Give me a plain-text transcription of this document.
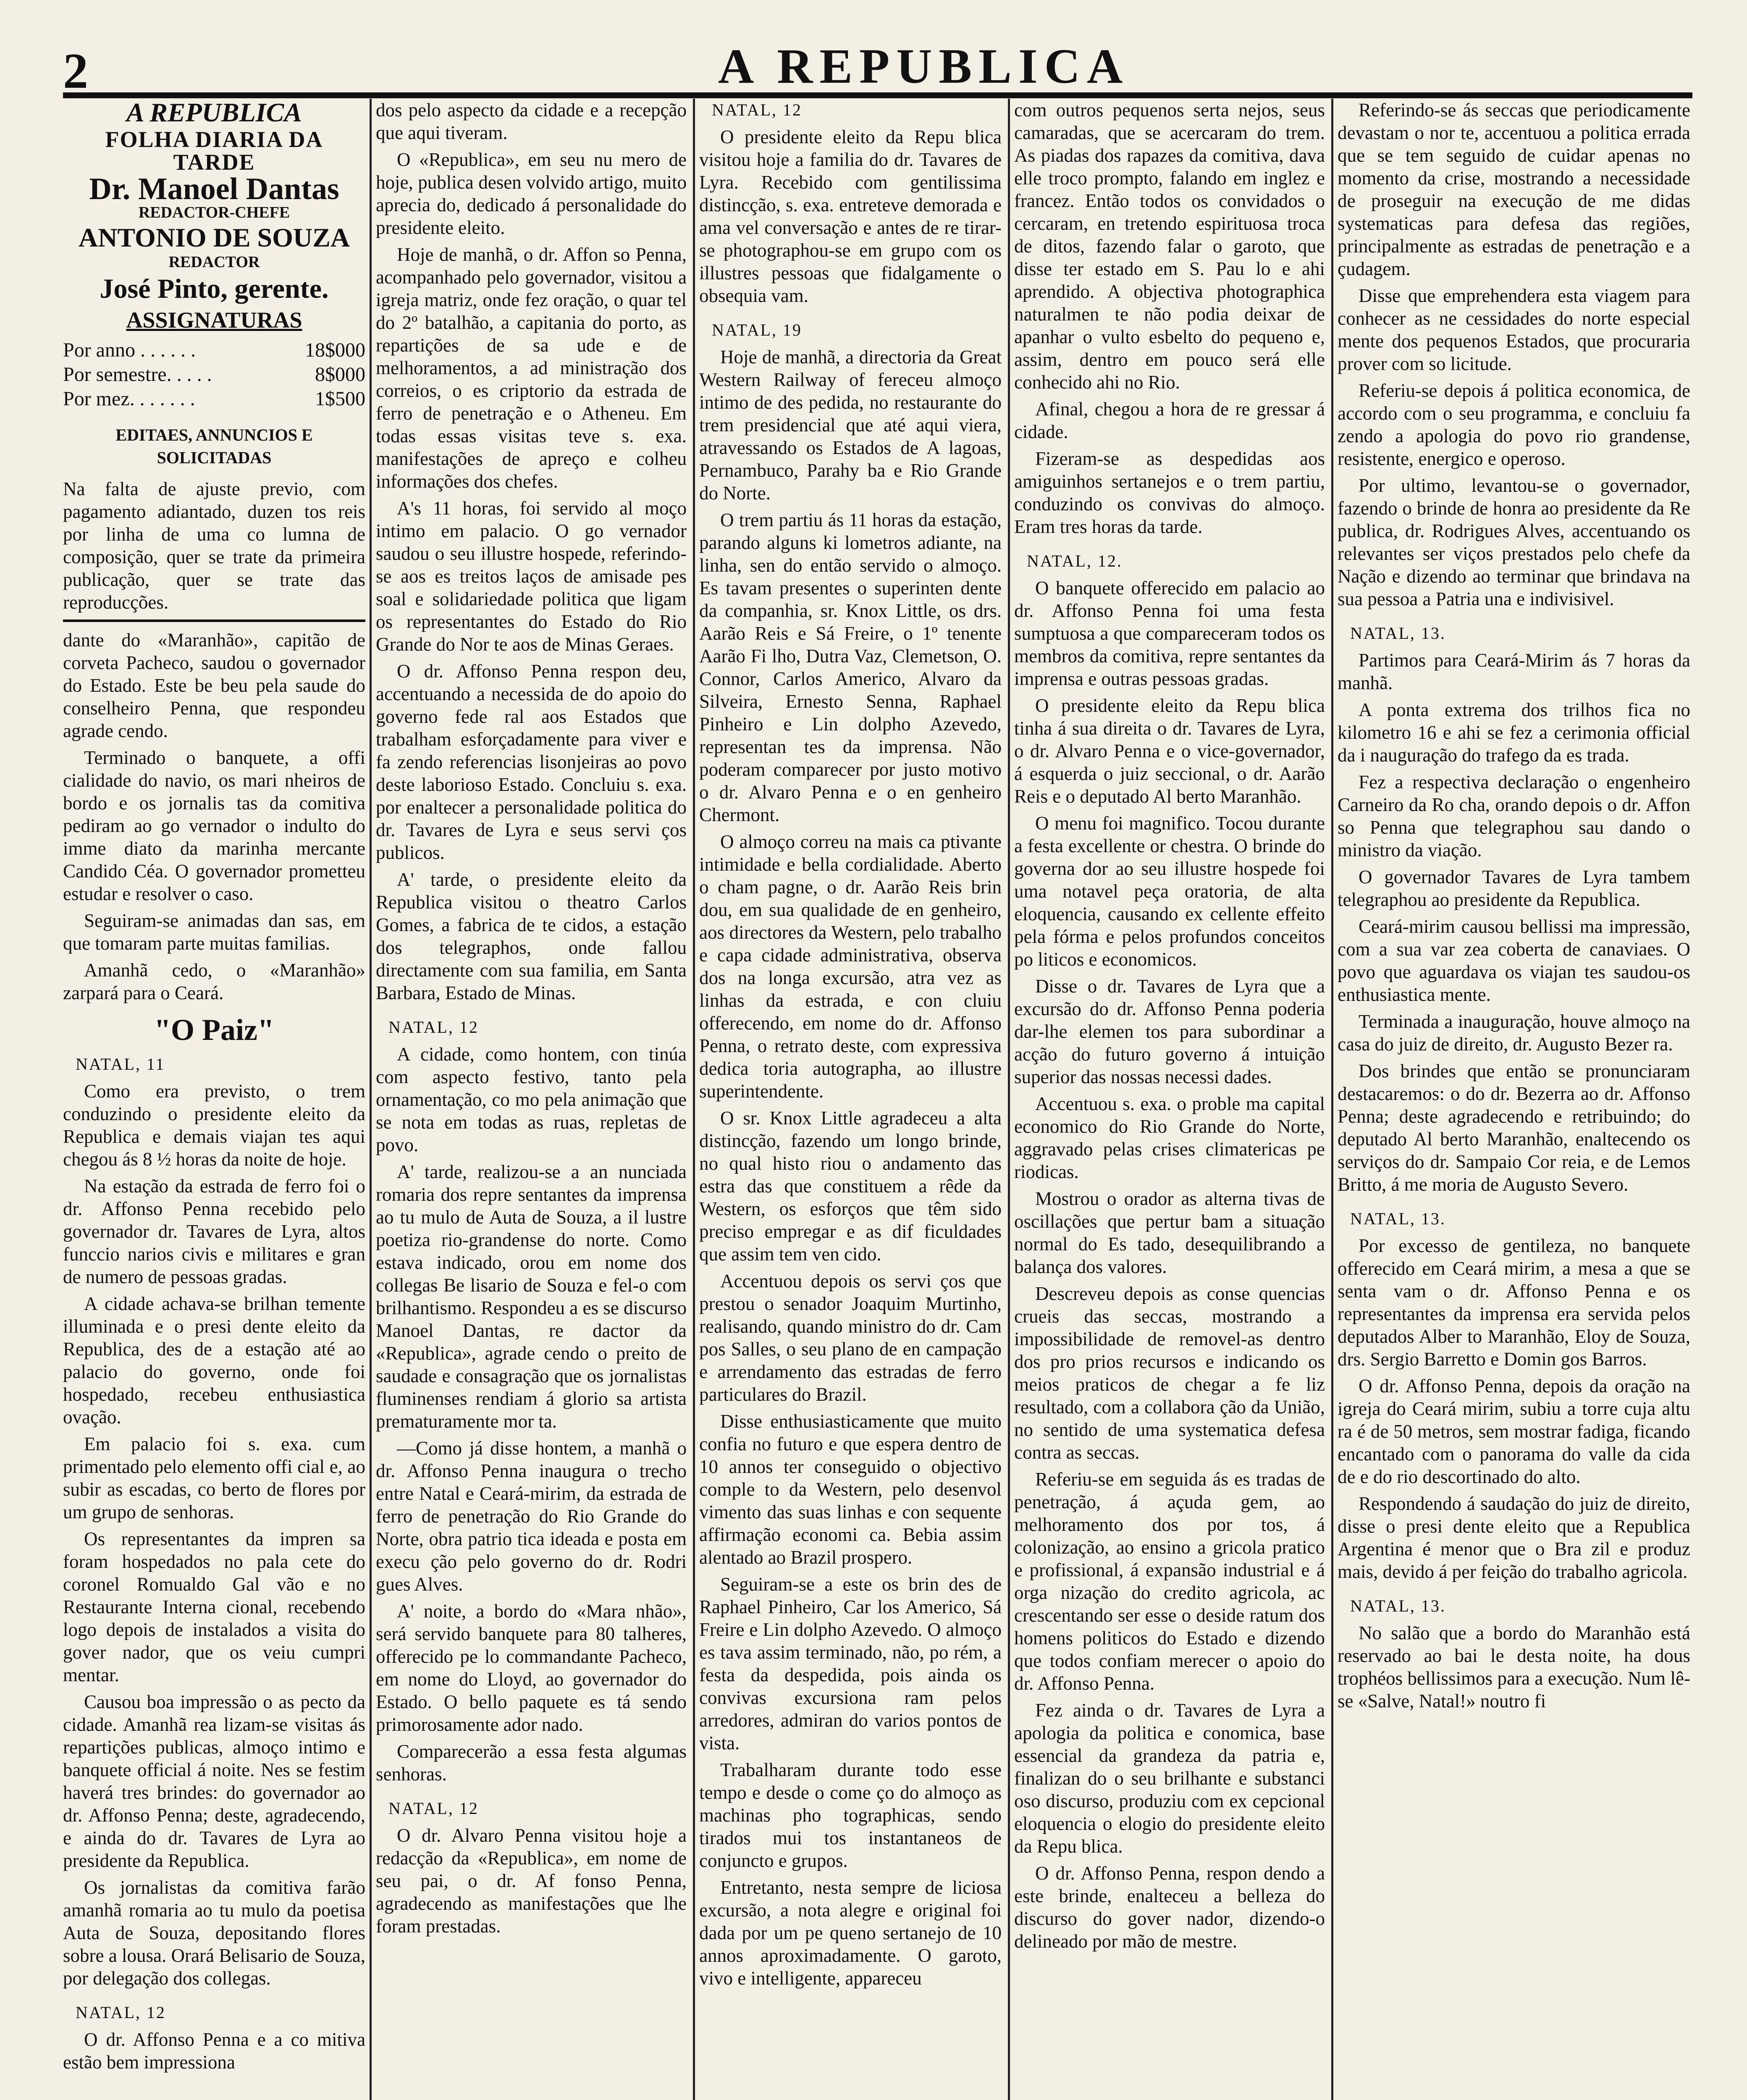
2	A REPUBLICA
A REPUBLICA
FOLHA DIARIA DA TARDE
Dr. Manoel Dantas
REDACTOR-CHEFE
ANTONIO DE SOUZA
REDACTOR
José Pinto, gerente.
ASSIGNATURAS
Por anno . . . . . .	18$000
Por semestre. . . . .	8$000
Por mez. . . . . . .	1$500
EDITAES, ANNUNCIOS E SOLICITADAS
Na falta de ajuste previo, com pagamento adiantado, duzen tos reis por linha de uma co lumna de composição, quer se trate da primeira publicação, quer se trate das reproducções.

dante do «Maranhão», capitão de corveta Pacheco, saudou o governador do Estado. Este be beu pela saude do conselheiro Penna, que respondeu agrade cendo.

Terminado o banquete, a offi cialidade do navio, os mari nheiros de bordo e os jornalis tas da comitiva pediram ao go vernador o indulto do imme diato da marinha mercante Candido Céa. O governador prometteu estudar e resolver o caso.

Seguiram-se animadas dan sas, em que tomaram parte muitas familias.

Amanhã cedo, o «Maranhão» zarpará para o Ceará.

"O Paiz"
NATAL, 11

Como era previsto, o trem conduzindo o presidente eleito da Republica e demais viajan tes aqui chegou ás 8 ½ horas da noite de hoje.

Na estação da estrada de ferro foi o dr. Affonso Penna recebido pelo governador dr. Tavares de Lyra, altos funccio narios civis e militares e gran de numero de pessoas gradas.

A cidade achava-se brilhan temente illuminada e o presi dente eleito da Republica, des de a estação até ao palacio do governo, onde foi hospedado, recebeu enthusiastica ovação.

Em palacio foi s. exa. cum primentado pelo elemento offi cial e, ao subir as escadas, co berto de flores por um grupo de senhoras.

Os representantes da impren sa foram hospedados no pala cete do coronel Romualdo Gal vão e no Restaurante Interna cional, recebendo logo depois de instalados a visita do gover nador, que os veiu cumpri mentar.

Causou boa impressão o as pecto da cidade. Amanhã rea lizam-se visitas ás repartições publicas, almoço intimo e banquete official á noite. Nes se festim haverá tres brindes: do governador ao dr. Affonso Penna; deste, agradecendo, e ainda do dr. Tavares de Lyra ao presidente da Republica.

Os jornalistas da comitiva farão amanhã romaria ao tu mulo da poetisa Auta de Souza, depositando flores sobre a lousa. Orará Belisario de Souza, por delegação dos collegas.

NATAL, 12

O dr. Affonso Penna e a co mitiva estão bem impressiona

dos pelo aspecto da cidade e a recepção que aqui tiveram.

O «Republica», em seu nu mero de hoje, publica desen volvido artigo, muito aprecia do, dedicado á personalidade do presidente eleito.

Hoje de manhã, o dr. Affon so Penna, acompanhado pelo governador, visitou a igreja matriz, onde fez oração, o quar tel do 2º batalhão, a capitania do porto, as repartições de sa ude e de melhoramentos, a ad ministração dos correios, o es criptorio da estrada de ferro de penetração e o Atheneu. Em todas essas visitas teve s. exa. manifestações de apreço e colheu informações dos chefes.

A's 11 horas, foi servido al moço intimo em palacio. O go vernador saudou o seu illustre hospede, referindo-se aos es treitos laços de amisade pes soal e solidariedade politica que ligam os representantes do Estado do Rio Grande do Nor te aos de Minas Geraes.

O dr. Affonso Penna respon deu, accentuando a necessida de do apoio do governo fede ral aos Estados que trabalham esforçadamente para viver e fa zendo referencias lisonjeiras ao povo deste laborioso Estado. Concluiu s. exa. por enaltecer a personalidade politica do dr. Tavares de Lyra e seus servi ços publicos.

A' tarde, o presidente eleito da Republica visitou o theatro Carlos Gomes, a fabrica de te cidos, a estação dos telegraphos, onde fallou directamente com sua familia, em Santa Barbara, Estado de Minas.

NATAL, 12

A cidade, como hontem, con tinúa com aspecto festivo, tanto pela ornamentação, co mo pela animação que se nota em todas as ruas, repletas de povo.

A' tarde, realizou-se a an nunciada romaria dos repre sentantes da imprensa ao tu mulo de Auta de Souza, a il lustre poetiza rio-grandense do norte. Como estava indicado, orou em nome dos collegas Be lisario de Souza e fel-o com brilhantismo. Respondeu a es se discurso Manoel Dantas, re dactor da «Republica», agrade cendo o preito de saudade e consagração que os jornalistas fluminenses rendiam á glorio sa artista prematuramente mor ta.

—Como já disse hontem, a manhã o dr. Affonso Penna inaugura o trecho entre Natal e Ceará-mirim, da estrada de ferro de penetração do Rio Grande do Norte, obra patrio tica ideada e posta em execu ção pelo governo do dr. Rodri gues Alves.

A' noite, a bordo do «Mara nhão», será servido banquete para 80 talheres, offerecido pe lo commandante Pacheco, em nome do Lloyd, ao governador do Estado. O bello paquete es tá sendo primorosamente ador nado.

Comparecerão a essa festa algumas senhoras.

NATAL, 12

O dr. Alvaro Penna visitou hoje a redacção da «Republica», em nome de seu pai, o dr. Af fonso Penna, agradecendo as manifestações que lhe foram prestadas.

NATAL, 12

O presidente eleito da Repu blica visitou hoje a familia do dr. Tavares de Lyra. Recebido com gentilissima distincção, s. exa. entreteve demorada e ama vel conversação e antes de re tirar-se photographou-se em grupo com os illustres pessoas que fidalgamente o obsequia vam.

NATAL, 19

Hoje de manhã, a directoria da Great Western Railway of fereceu almoço intimo de des pedida, no restaurante do trem presidencial que até aqui viera, atravessando os Estados de A lagoas, Pernambuco, Parahy ba e Rio Grande do Norte.

O trem partiu ás 11 horas da estação, parando alguns ki lometros adiante, na linha, sen do então servido o almoço. Es tavam presentes o superinten dente da companhia, sr. Knox Little, os drs. Aarão Reis e Sá Freire, o 1º tenente Aarão Fi lho, Dutra Vaz, Clemetson, O. Connor, Carlos Americo, Alvaro da Silveira, Ernesto Senna, Raphael Pinheiro e Lin dolpho Azevedo, representan tes da imprensa. Não poderam comparecer por justo motivo o dr. Alvaro Penna e o en genheiro Chermont.

O almoço correu na mais ca ptivante intimidade e bella cordialidade. Aberto o cham pagne, o dr. Aarão Reis brin dou, em sua qualidade de en genheiro, aos directores da Western, pelo trabalho e capa cidade administrativa, observa dos na longa excursão, atra vez as linhas da estrada, e con cluiu offerecendo, em nome do dr. Affonso Penna, o retrato deste, com expressiva dedica toria autographa, ao illustre superintendente.

O sr. Knox Little agradeceu a alta distincção, fazendo um longo brinde, no qual histo riou o andamento das estra das que constituem a rêde da Western, os esforços que têm sido preciso empregar e as dif ficuldades que assim tem ven cido.

Accentuou depois os servi ços que prestou o senador Joaquim Murtinho, realisando, quando ministro do dr. Cam pos Salles, o seu plano de en campação e arrendamento das estradas de ferro particulares do Brazil.

Disse enthusiasticamente que muito confia no futuro e que espera dentro de 10 annos ter conseguido o objectivo comple to da Western, pelo desenvol vimento das suas linhas e con sequente affirmação economi ca. Bebia assim alentado ao Brazil prospero.

Seguiram-se a este os brin des de Raphael Pinheiro, Car los Americo, Sá Freire e Lin dolpho Azevedo. O almoço es tava assim terminado, não, po rém, a festa da despedida, pois ainda os convivas excursiona ram pelos arredores, admiran do varios pontos de vista.

Trabalharam durante todo esse tempo e desde o come ço do almoço as machinas pho tographicas, sendo tirados mui tos instantaneos de conjuncto e grupos.

Entretanto, nesta sempre de liciosa excursão, a nota alegre e original foi dada por um pe queno sertanejo de 10 annos aproximadamente. O garoto, vivo e intelligente, appareceu

com outros pequenos serta nejos, seus camaradas, que se acercaram do trem. As piadas dos rapazes da comitiva, dava elle troco prompto, falando em inglez e francez. Então todos os convidados o cercaram, en tretendo espirituosa troca de ditos, fazendo falar o garoto, que disse ter estado em S. Pau lo e ahi aprendido. A objectiva photographica naturalmen te não podia deixar de apanhar o vulto esbelto do pequeno e, assim, dentro em pouco será elle conhecido ahi no Rio.

Afinal, chegou a hora de re gressar á cidade.

Fizeram-se as despedidas aos amiguinhos sertanejos e o trem partiu, conduzindo os convivas do almoço. Eram tres horas da tarde.

NATAL, 12.

O banquete offerecido em palacio ao dr. Affonso Penna foi uma festa sumptuosa a que compareceram todos os membros da comitiva, repre sentantes da imprensa e outras pessoas gradas.

O presidente eleito da Repu blica tinha á sua direita o dr. Tavares de Lyra, o dr. Alvaro Penna e o vice-governador, á esquerda o juiz seccional, o dr. Aarão Reis e o deputado Al berto Maranhão.

O menu foi magnifico. Tocou durante a festa excellente or chestra. O brinde do governa dor ao seu illustre hospede foi uma notavel peça oratoria, de alta eloquencia, causando ex cellente effeito pela fórma e pelos profundos conceitos po liticos e economicos.

Disse o dr. Tavares de Lyra que a excursão do dr. Affonso Penna poderia dar-lhe elemen tos para subordinar a acção do futuro governo á intuição superior das nossas necessi dades.

Accentuou s. exa. o proble ma capital economico do Rio Grande do Norte, aggravado pelas crises climatericas pe riodicas.

Mostrou o orador as alterna tivas de oscillações que pertur bam a situação normal do Es tado, desequilibrando a balança dos valores.

Descreveu depois as conse quencias crueis das seccas, mostrando a impossibilidade de removel-as dentro dos pro prios recursos e indicando os meios praticos de chegar a fe liz resultado, com a collabora ção da União, no sentido de uma systematica defesa contra as seccas.

Referiu-se em seguida ás es tradas de penetração, á açuda gem, ao melhoramento dos por tos, á colonização, ao ensino a gricola pratico e profissional, á expansão industrial e á orga nização do credito agricola, ac crescentando ser esse o desidе ratum dos homens politicos do Estado e dizendo que todos confiam merecer o apoio do dr. Affonso Penna.

Fez ainda o dr. Tavares de Lyra a apologia da politica e conomica, base essencial da grandeza da patria e, finalizan do o seu brilhante e substanci oso discurso, produziu com ex cepcional eloquencia o elogio do presidente eleito da Repu blica.

O dr. Affonso Penna, respon dendo a este brinde, enalteceu a belleza do discurso do gover nador, dizendo-o delineado por mão de mestre.

Referindo-se ás seccas que periodicamente devastam o nor te, accentuou a politica errada que se tem seguido de cuidar apenas no momento da crise, mostrando a necessidade de proseguir na execução de me didas systematicas para defesa das regiões, principalmente as estradas de penetração e a çudagem.

Disse que emprehendera esta viagem para conhecer as ne cessidades do norte especial mente dos pequenos Estados, que procuraria prover com so licitude.

Referiu-se depois á politica economica, de accordo com o seu programma, e concluiu fa zendo a apologia do povo rio grandense, resistente, energico e operoso.

Por ultimo, levantou-se o governador, fazendo o brinde de honra ao presidente da Re publica, dr. Rodrigues Alves, accentuando os relevantes ser viços prestados pelo chefe da Nação e dizendo ao terminar que brindava na sua pessoa a Patria una e indivisivel.

NATAL, 13.

Partimos para Ceará-Mirim ás 7 horas da manhã.

A ponta extrema dos trilhos fica no kilometro 16 e ahi se fez a cerimonia official da i nauguração do trafego da es trada.

Fez a respectiva declaração o engenheiro Carneiro da Ro cha, orando depois o dr. Affon so Penna que telegraphou sau dando o ministro da viação.

O governador Tavares de Lyra tambem telegraphou ao presidente da Republica.

Ceará-mirim causou bellissi ma impressão, com a sua var zea coberta de canaviaes. O povo que aguardava os viajan tes saudou-os enthusiastica mente.

Terminada a inauguração, houve almoço na casa do juiz de direito, dr. Augusto Bezer ra.

Dos brindes que então se pronunciaram destacaremos: o do dr. Bezerra ao dr. Affonso Penna; deste agradecendo e retribuindo; do deputado Al berto Maranhão, enaltecendo os serviços do dr. Sampaio Cor reia, e de Lemos Britto, á me moria de Augusto Severo.

NATAL, 13.

Por excesso de gentileza, no banquete offerecido em Ceará mirim, a mesa a que se senta vam o dr. Affonso Penna e os representantes da imprensa era servida pelos deputados Alber to Maranhão, Eloy de Souza, drs. Sergio Barretto e Domin gos Barros.

O dr. Affonso Penna, depois da oração na igreja do Ceará mirim, subiu a torre cuja altu ra é de 50 metros, sem mostrar fadiga, ficando encantado com o panorama do valle da cida de e do rio descortinado do alto.

Respondendo á saudação do juiz de direito, disse o presi dente eleito que a Republica Argentina é menor que o Bra zil e produz mais, devido á per feição do trabalho agricola.

NATAL, 13.

No salão que a bordo do Maranhão está reservado ao bai le desta noite, ha dous trophéos bellissimos para a execução. Num lê-se «Salve, Natal!» noutro fi
